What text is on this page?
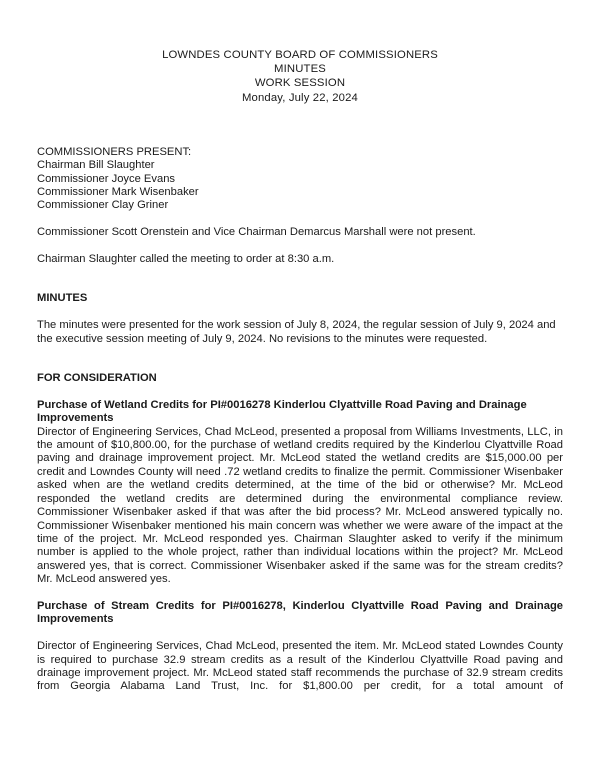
LOWNDES COUNTY BOARD OF COMMISSIONERS
MINUTES
WORK SESSION
Monday, July 22, 2024
COMMISSIONERS PRESENT:
Chairman Bill Slaughter
Commissioner Joyce Evans
Commissioner Mark Wisenbaker
Commissioner Clay Griner

Commissioner Scott Orenstein and Vice Chairman Demarcus Marshall were not present.

Chairman Slaughter called the meeting to order at 8:30 a.m.

MINUTES

The minutes were presented for the work session of July 8, 2024, the regular session of July 9, 2024 and the executive session meeting of July 9, 2024. No revisions to the minutes were requested.

FOR CONSIDERATION

Purchase of Wetland Credits for PI#0016278 Kinderlou Clyattville Road Paving and Drainage Improvements

Director of Engineering Services, Chad McLeod, presented a proposal from Williams Investments, LLC, in the amount of $10,800.00, for the purchase of wetland credits required by the Kinderlou Clyattville Road paving and drainage improvement project. Mr. McLeod stated the wetland credits are $15,000.00 per credit and Lowndes County will need .72 wetland credits to finalize the permit. Commissioner Wisenbaker asked when are the wetland credits determined, at the time of the bid or otherwise? Mr. McLeod responded the wetland credits are determined during the environmental compliance review. Commissioner Wisenbaker asked if that was after the bid process? Mr. McLeod answered typically no. Commissioner Wisenbaker mentioned his main concern was whether we were aware of the impact at the time of the project. Mr. McLeod responded yes. Chairman Slaughter asked to verify if the minimum number is applied to the whole project, rather than individual locations within the project? Mr. McLeod answered yes, that is correct. Commissioner Wisenbaker asked if the same was for the stream credits? Mr. McLeod answered yes.

Purchase of Stream Credits for PI#0016278, Kinderlou Clyattville Road Paving and Drainage Improvements

Director of Engineering Services, Chad McLeod, presented the item. Mr. McLeod stated Lowndes County is required to purchase 32.9 stream credits as a result of the Kinderlou Clyattville Road paving and drainage improvement project. Mr. McLeod stated staff recommends the purchase of 32.9 stream credits from Georgia Alabama Land Trust, Inc. for $1,800.00 per credit, for a total amount of
